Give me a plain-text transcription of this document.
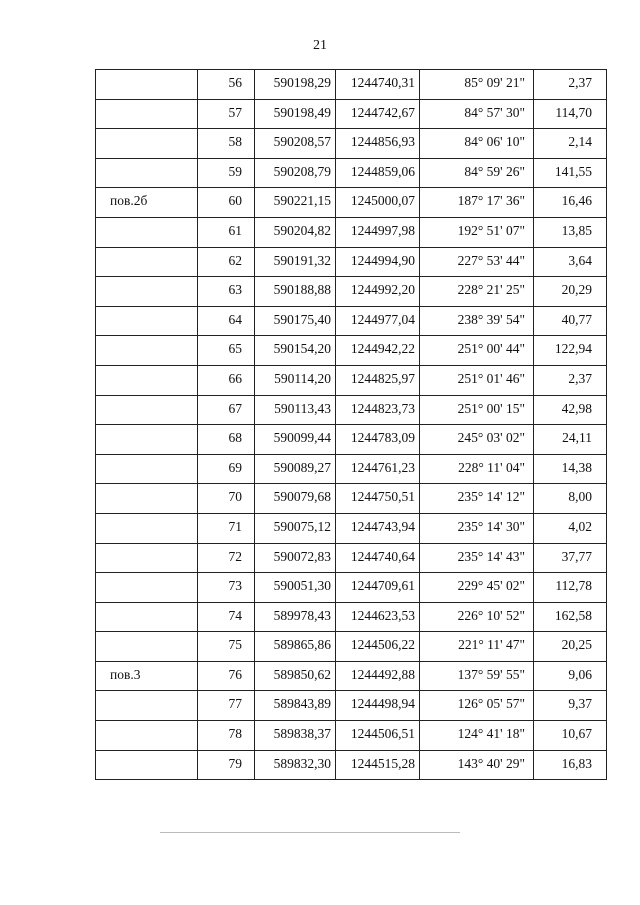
21
	56	590198,29	1244740,31	85° 09' 21"	2,37
	57	590198,49	1244742,67	84° 57' 30"	114,70
	58	590208,57	1244856,93	84° 06' 10"	2,14
	59	590208,79	1244859,06	84° 59' 26"	141,55
пов.2б	60	590221,15	1245000,07	187° 17' 36"	16,46
	61	590204,82	1244997,98	192° 51' 07"	13,85
	62	590191,32	1244994,90	227° 53' 44"	3,64
	63	590188,88	1244992,20	228° 21' 25"	20,29
	64	590175,40	1244977,04	238° 39' 54"	40,77
	65	590154,20	1244942,22	251° 00' 44"	122,94
	66	590114,20	1244825,97	251° 01' 46"	2,37
	67	590113,43	1244823,73	251° 00' 15"	42,98
	68	590099,44	1244783,09	245° 03' 02"	24,11
	69	590089,27	1244761,23	228° 11' 04"	14,38
	70	590079,68	1244750,51	235° 14' 12"	8,00
	71	590075,12	1244743,94	235° 14' 30"	4,02
	72	590072,83	1244740,64	235° 14' 43"	37,77
	73	590051,30	1244709,61	229° 45' 02"	112,78
	74	589978,43	1244623,53	226° 10' 52"	162,58
	75	589865,86	1244506,22	221° 11' 47"	20,25
пов.3	76	589850,62	1244492,88	137° 59' 55"	9,06
	77	589843,89	1244498,94	126° 05' 57"	9,37
	78	589838,37	1244506,51	124° 41' 18"	10,67
	79	589832,30	1244515,28	143° 40' 29"	16,83
